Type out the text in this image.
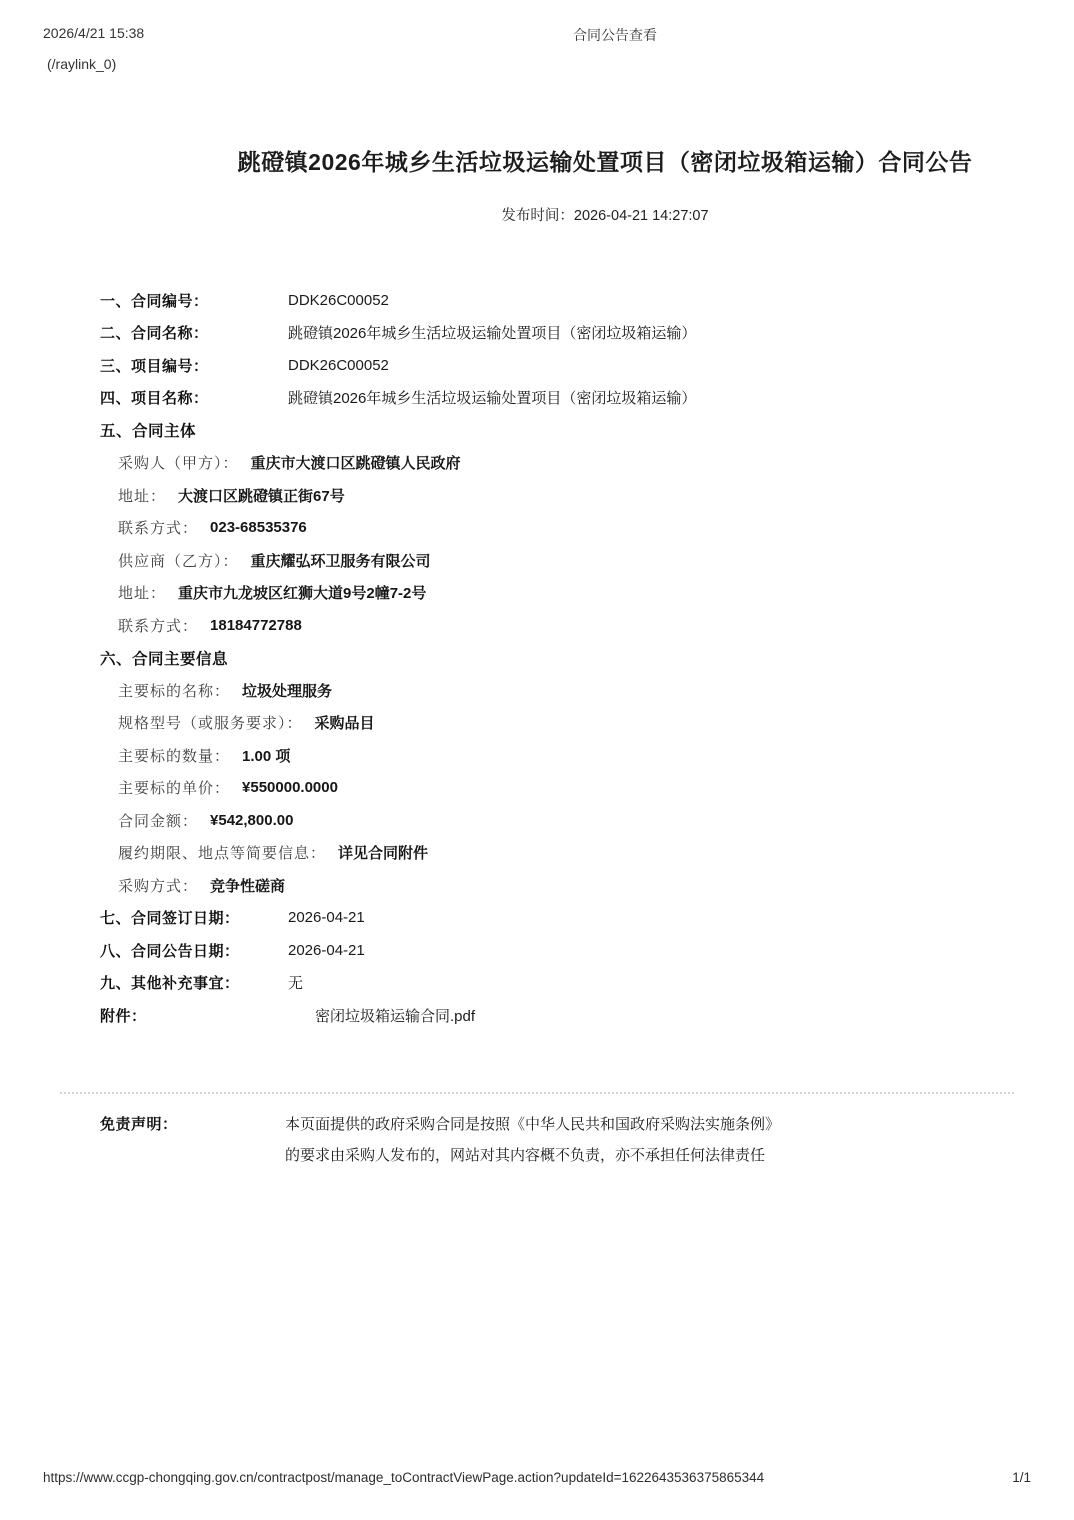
2026/4/21 15:38
(/raylink_0)
合同公告查看
跳磴镇2026年城乡生活垃圾运输处置项目（密闭垃圾箱运输）合同公告
发布时间：2026-04-21 14:27:07
一、合同编号：	DDK26C00052
二、合同名称：	跳磴镇2026年城乡生活垃圾运输处置项目（密闭垃圾箱运输）
三、项目编号：	DDK26C00052
四、项目名称：	跳磴镇2026年城乡生活垃圾运输处置项目（密闭垃圾箱运输）
五、合同主体
采购人（甲方）： 重庆市大渡口区跳磴镇人民政府
地址： 大渡口区跳磴镇正街67号
联系方式： 023-68535376
供应商（乙方）： 重庆耀弘环卫服务有限公司
地址： 重庆市九龙坡区红狮大道9号2幢7-2号
联系方式： 18184772788
六、合同主要信息
主要标的名称： 垃圾处理服务
规格型号（或服务要求）： 采购品目
主要标的数量： 1.00 项
主要标的单价： ¥550000.0000
合同金额： ¥542,800.00
履约期限、地点等简要信息： 详见合同附件
采购方式： 竞争性磋商
七、合同签订日期：	2026-04-21
八、合同公告日期：	2026-04-21
九、其他补充事宜：	无
附件：	密闭垃圾箱运输合同.pdf
免责声明：	本页面提供的政府采购合同是按照《中华人民共和国政府采购法实施条例》
的要求由采购人发布的，网站对其内容概不负责，亦不承担任何法律责任
https://www.ccgp-chongqing.gov.cn/contractpost/manage_toContractViewPage.action?updateId=1622643536375865344	1/1
